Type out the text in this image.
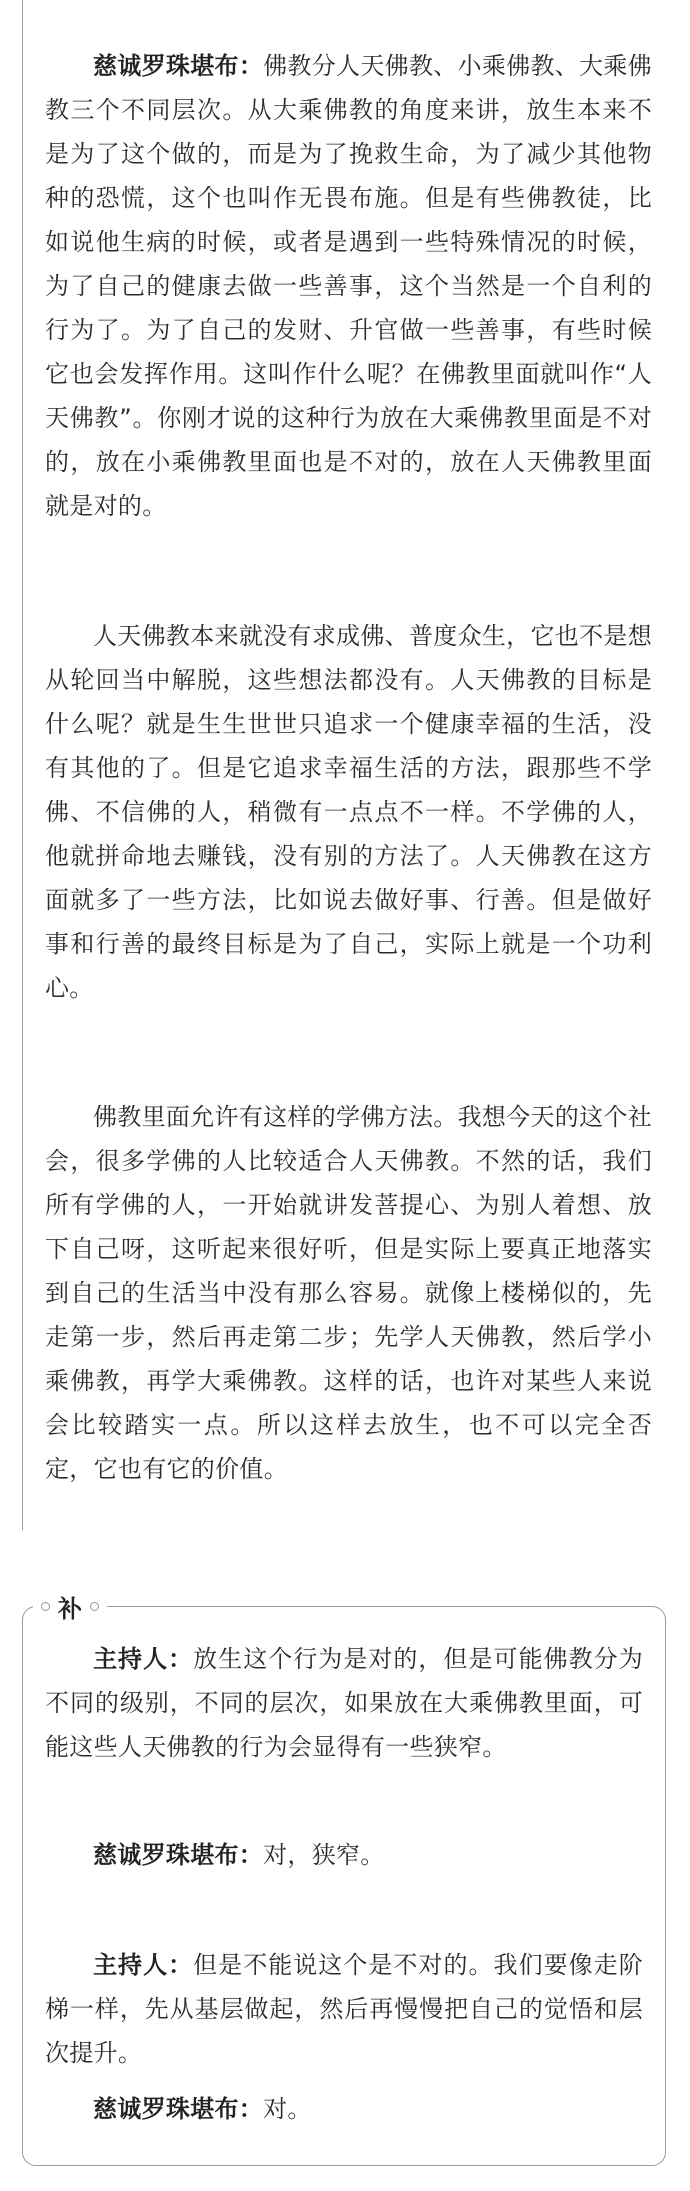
慈诚罗珠堪布：佛教分人天佛教、小乘佛教、大乘佛教三个不同层次。从大乘佛教的角度来讲，放生本来不是为了这个做的，而是为了挽救生命，为了减少其他物种的恐慌，这个也叫作无畏布施。但是有些佛教徒，比如说他生病的时候，或者是遇到一些特殊情况的时候，为了自己的健康去做一些善事，这个当然是一个自利的行为了。为了自己的发财、升官做一些善事，有些时候它也会发挥作用。这叫作什么呢？在佛教里面就叫作“人天佛教”。你刚才说的这种行为放在大乘佛教里面是不对的，放在小乘佛教里面也是不对的，放在人天佛教里面就是对的。

人天佛教本来就没有求成佛、普度众生，它也不是想从轮回当中解脱，这些想法都没有。人天佛教的目标是什么呢？就是生生世世只追求一个健康幸福的生活，没有其他的了。但是它追求幸福生活的方法，跟那些不学佛、不信佛的人，稍微有一点点不一样。不学佛的人，他就拼命地去赚钱，没有别的方法了。人天佛教在这方面就多了一些方法，比如说去做好事、行善。但是做好事和行善的最终目标是为了自己，实际上就是一个功利心。

佛教里面允许有这样的学佛方法。我想今天的这个社会，很多学佛的人比较适合人天佛教。不然的话，我们所有学佛的人，一开始就讲发菩提心、为别人着想、放下自己呀，这听起来很好听，但是实际上要真正地落实到自己的生活当中没有那么容易。就像上楼梯似的，先走第一步，然后再走第二步；先学人天佛教，然后学小乘佛教，再学大乘佛教。这样的话，也许对某些人来说会比较踏实一点。所以这样去放生，也不可以完全否定，它也有它的价值。

补

主持人：放生这个行为是对的，但是可能佛教分为不同的级别，不同的层次，如果放在大乘佛教里面，可能这些人天佛教的行为会显得有一些狭窄。

慈诚罗珠堪布：对，狭窄。

主持人：但是不能说这个是不对的。我们要像走阶梯一样，先从基层做起，然后再慢慢把自己的觉悟和层次提升。

慈诚罗珠堪布：对。
